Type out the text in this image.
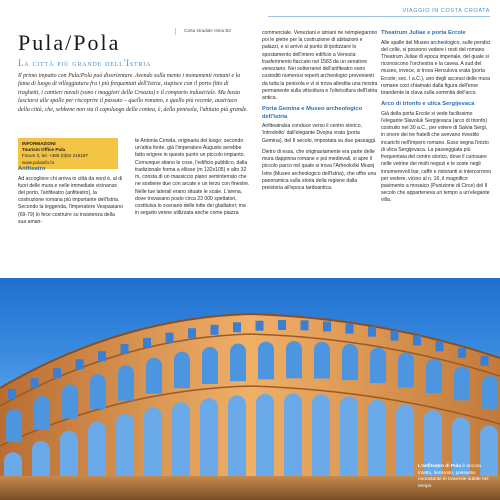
VIAGGIO IN COSTA CROATA
Pula/Pola
La città più grande dell'Istria
Carta stradale Istria B2

Il primo impatto con Pula/Pola può disorientare. Avendo sulla mente i monumenti romani e la fama di luogo di villeggiatura fra i più frequentati dell'Istria, stupisce con il porto fitto di traghetti, i cantieri navali (sono i maggiori della Croazia) e il comparto industriale. Ma basta lasciarsi alle spalle per riscoprire il passato – quello romano, e quello più recente, austriaco della città, che, sebbene non sia il capoluogo della contea, è, della penisola, l'abitato più grande.

INFORMAZIONI
Tourism Office Pula
Forum 3, tel. +385 (0)52 219197
www.pulainfo.hr
Anfiteatro

Ad accogliere chi arriva in città da nord è, al di fuori delle mura e nelle immediate vicinanze del porto, l'anfiteatro (anfiteatro), la costruzione romana più importante dell'Istria. Secondo la leggenda, l'imperatore Vespasiano (69-79) lo fece costruire su insistenza della sua aman-

te Antonia Cenida, originaria del luogo; secondo un'altra fonte, già l'imperatore Augusto avrebbe fatto erigere in questo punto un piccolo impianto. Comunque stiano le cose, l'edificio pubblico, dalla tradizionale forma a ellisse (m 132x105) e alto 32 m, consta di un massiccio piano seminterrato che ne sostiene due con arcate e un terzo con finestre. Nelle tue laterali erano situate le scale. L'arena, dove trovavano posto circa 23 000 spettatori, costituiva lo scenario delle lotte dei gladiatori; ma in seguito venne utilizzata anche come piazza

commerciale. Veneziani e istriani ne reimpiegarono poi le pietre per la costruzione di abitazioni e palazzi, e si arrivò al punto di ipotizzare lo spostamento dell'intero edificio a Venezia: trasferimento fiaccato nel 1583 da un senatore veneziano. Nei sotterranei dell'anfiteatro sono custoditi numerosi reperti archeologici provenienti da tutta la penisola e vi si trova allestita una mostra permanente sulla viticoltura e l'olivicoltura dell'Istria antica.

Porta Gemina e Museo archeologico dell'Istria

Anfiteatralsa conduce verso il centro storico, 'introdotto' dall'elegante Dvojna vrata (porta Gemina), del II secolo, impostata su due passaggi.

Dietro di essa, che originariamente era parte delle mura dappinna romane e poi medievali, si apre il piccolo parco nel quale si trova l'Arheološki Muzej Istre (Museo archeologico dell'Istria), che offre una panoramica sulla storia della regione dalla preistoria all'epoca tardoantica.

Theatrum Juliae e porta Ercole

Alle spalle del Museo archeologico, sulle pendici del colle, si possono vedere i resti del romano Theatrum Juliae di epoca imperiale, del quale si riconoscono l'orchestra e la cavea. A sud del museo, invece, si trova Herculova vrata (porta Ercole; sec. I a.C.), uno degli accessi delle mura romane così chiamato dalla figura dell'eroe brandente la clava sulla sommità dell'arco.

Arco di trionfo e ulica Sergijevaca

Già della porta Ercole si vede facilissimo l'elegante Slavoluk Sergijevaca (arco di trionfo) costruito nel 30 a.C., per volere di Salvia Sergi, in onore dei tre fratelli che avevano rivestito incarichi nell'impero romano. Esso segna l'inizio di ulica Sergijevaca. La passeggiata più frequentata del centro storico, dove il curiosare nelle vetrine dei molti negozi e le soste negli innumerevoli bar, caffè e ristoranti si intercorrono per vedere, vicino al n. 16, il magnifico pavimento a mosaico (Punizione di Circe) del II secolo che apparteneva un tempo a un'elegante villa.

L'anfiteatro di Pula è ancora intatto, luminoso, possente, nonostante le traversie subite nel tempo.
